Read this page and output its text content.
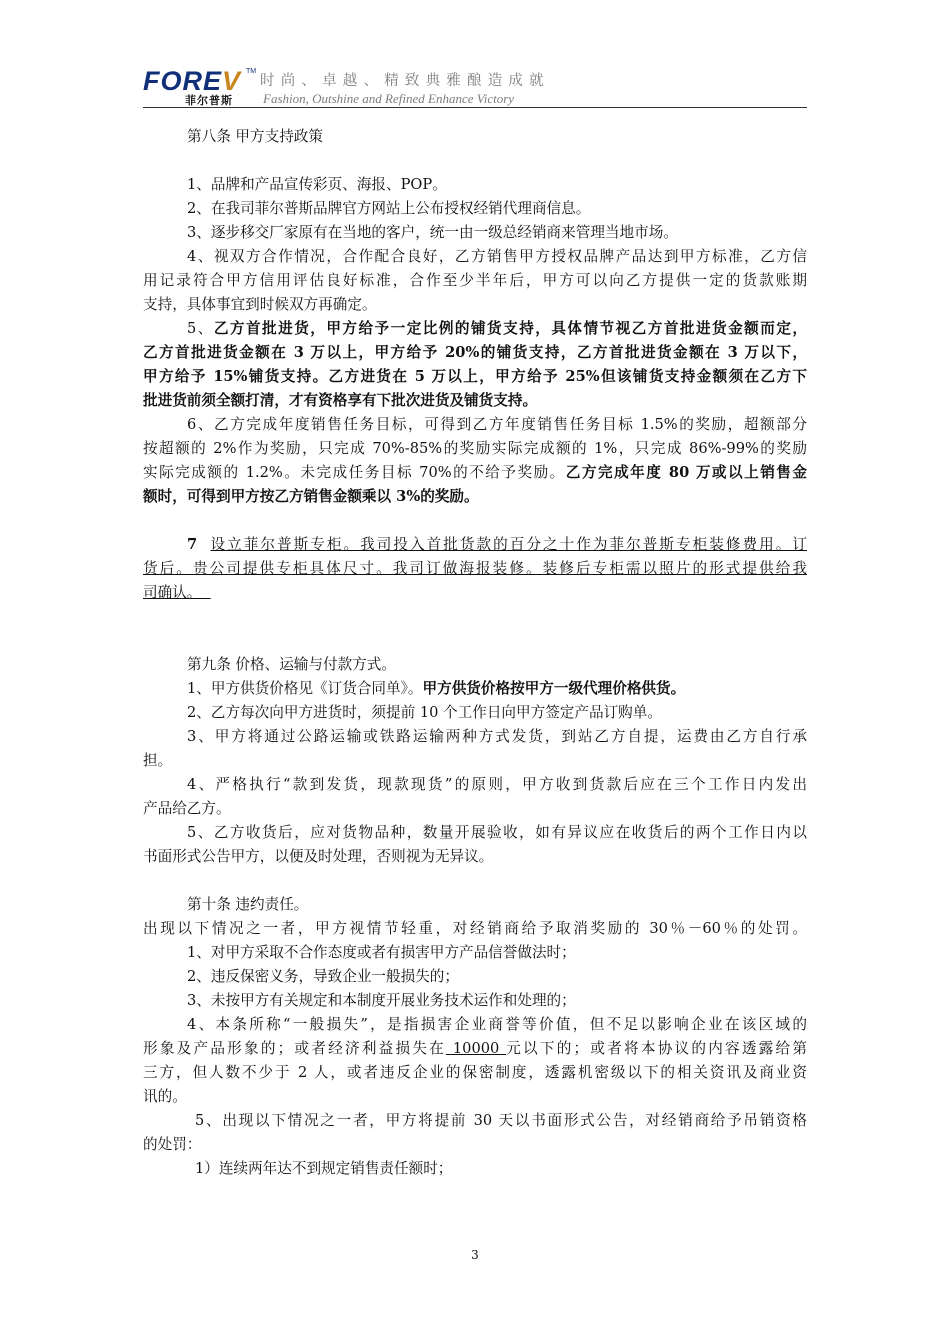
FOREV TM
菲尔普斯
时尚、卓越、精致典雅酿造成就
Fashion, Outshine and Refined Enhance Victory
第八条 甲方支持政策
1、品牌和产品宣传彩页、海报、POP。
2、在我司菲尔普斯品牌官方网站上公布授权经销代理商信息。
3、逐步移交厂家原有在当地的客户，统一由一级总经销商来管理当地市场。
4、视双方合作情况，合作配合良好，乙方销售甲方授权品牌产品达到甲方标准，乙方信
用记录符合甲方信用评估良好标准，合作至少半年后，甲方可以向乙方提供一定的货款账期
支持，具体事宜到时候双方再确定。
5、乙方首批进货，甲方给予一定比例的铺货支持，具体情节视乙方首批进货金额而定，
乙方首批进货金额在 3 万以上，甲方给予 20%的铺货支持，乙方首批进货金额在 3 万以下，
甲方给予 15%铺货支持。乙方进货在 5 万以上，甲方给予 25%但该铺货支持金额须在乙方下
批进货前须全额打清，才有资格享有下批次进货及铺货支持。
6、乙方完成年度销售任务目标，可得到乙方年度销售任务目标 1.5%的奖励，超额部分
按超额的 2%作为奖励，只完成 70%-85%的奖励实际完成额的 1%，只完成 86%-99%的奖励
实际完成额的 1.2%。未完成任务目标 70%的不给予奖励。乙方完成年度 80 万或以上销售金
额时，可得到甲方按乙方销售金额乘以 3%的奖励。
7 设立菲尔普斯专柜。我司投入首批货款的百分之十作为菲尔普斯专柜装修费用。订
货后。贵公司提供专柜具体尺寸。我司订做海报装修。装修后专柜需以照片的形式提供给我
司确认。
第九条 价格、运输与付款方式。
1、甲方供货价格见《订货合同单》。甲方供货价格按甲方一级代理价格供货。
2、乙方每次向甲方进货时，须提前 10 个工作日向甲方签定产品订购单。
3、甲方将通过公路运输或铁路运输两种方式发货，到站乙方自提，运费由乙方自行承
担。
4、严格执行“款到发货，现款现货”的原则，甲方收到货款后应在三个工作日内发出
产品给乙方。
5、乙方收货后，应对货物品种，数量开展验收，如有异议应在收货后的两个工作日内以
书面形式公告甲方，以便及时处理，否则视为无异议。
第十条 违约责任。
出现以下情况之一者，甲方视情节轻重，对经销商给予取消奖励的 30％－60％的处罚。
1、对甲方采取不合作态度或者有损害甲方产品信誉做法时；
2、违反保密义务，导致企业一般损失的；
3、未按甲方有关规定和本制度开展业务技术运作和处理的；
4、本条所称“一般损失”，是指损害企业商誉等价值，但不足以影响企业在该区域的
形象及产品形象的；或者经济利益损失在 10000 元以下的；或者将本协议的内容透露给第
三方，但人数不少于 2 人，或者违反企业的保密制度，透露机密级以下的相关资讯及商业资
讯的。
5、出现以下情况之一者，甲方将提前 30 天以书面形式公告，对经销商给予吊销资格
的处罚：
1）连续两年达不到规定销售责任额时；
3
